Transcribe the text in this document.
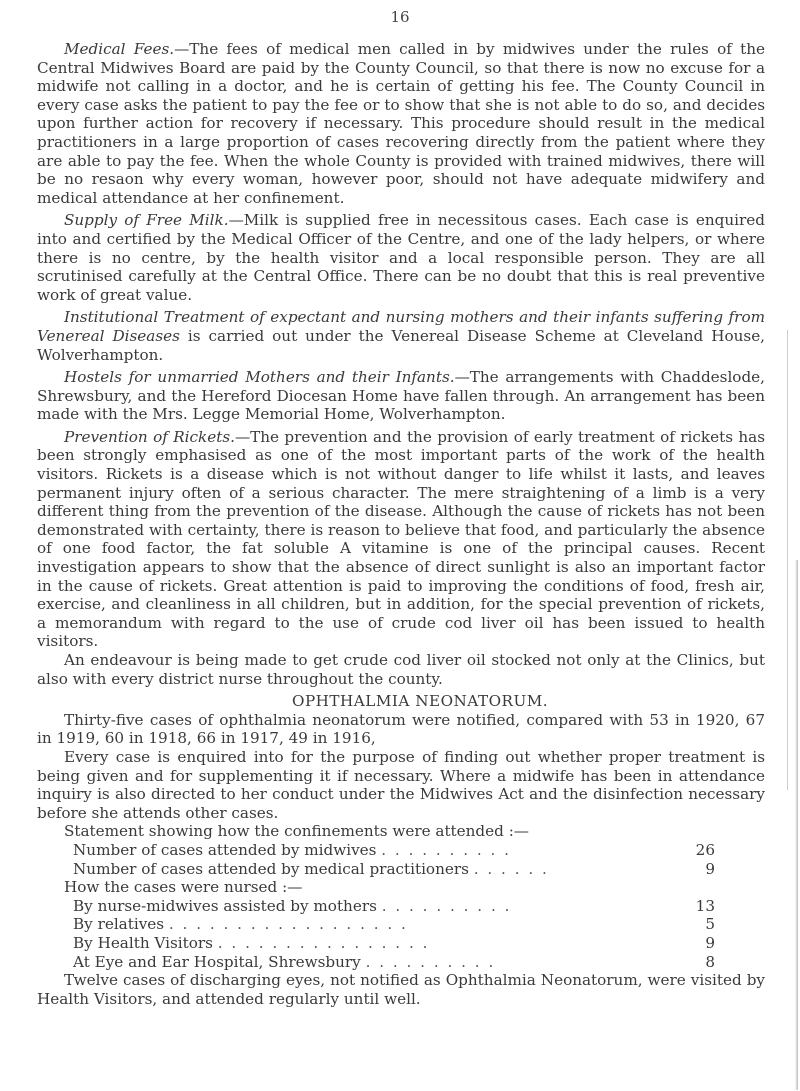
16

Medical Fees.—The fees of medical men called in by midwives under the rules of the Central Midwives Board are paid by the County Council, so that there is now no excuse for a midwife not calling in a doctor, and he is certain of getting his fee. The County Council in every case asks the patient to pay the fee or to show that she is not able to do so, and decides upon further action for recovery if necessary. This procedure should result in the medical practitioners in a large proportion of cases recovering directly from the patient where they are able to pay the fee. When the whole County is provided with trained midwives, there will be no resaon why every woman, however poor, should not have adequate midwifery and medical attendance at her confinement.

Supply of Free Milk.—Milk is supplied free in necessitous cases. Each case is enquired into and certified by the Medical Officer of the Centre, and one of the lady helpers, or where there is no centre, by the health visitor and a local responsible person. They are all scrutinised carefully at the Central Office. There can be no doubt that this is real preventive work of great value.

Institutional Treatment of expectant and nursing mothers and their infants suffering from Venereal Diseases is carried out under the Venereal Disease Scheme at Cleveland House, Wolverhampton.

Hostels for unmarried Mothers and their Infants.—The arrangements with Chaddeslode, Shrewsbury, and the Hereford Diocesan Home have fallen through. An arrangement has been made with the Mrs. Legge Memorial Home, Wolverhampton.

Prevention of Rickets.—The prevention and the provision of early treatment of rickets has been strongly emphasised as one of the most important parts of the work of the health visitors. Rickets is a disease which is not without danger to life whilst it lasts, and leaves permanent injury often of a serious character. The mere straightening of a limb is a very different thing from the prevention of the disease. Although the cause of rickets has not been demonstrated with certainty, there is reason to believe that food, and particularly the absence of one food factor, the fat soluble A vitamine is one of the principal causes. Recent investigation appears to show that the absence of direct sunlight is also an important factor in the cause of rickets. Great attention is paid to improving the conditions of food, fresh air, exercise, and cleanliness in all children, but in addition, for the special prevention of rickets, a memorandum with regard to the use of crude cod liver oil has been issued to health visitors.

An endeavour is being made to get crude cod liver oil stocked not only at the Clinics, but also with every district nurse throughout the county.

OPHTHALMIA NEONATORUM.

Thirty-five cases of ophthalmia neonatorum were notified, compared with 53 in 1920, 67 in 1919, 60 in 1918, 66 in 1917, 49 in 1916,

Every case is enquired into for the purpose of finding out whether proper treatment is being given and for supplementing it if necessary. Where a midwife has been in attendance inquiry is also directed to her conduct under the Midwives Act and the disinfection necessary before she attends other cases.

Statement showing how the confinements were attended :—

Number of cases attended by midwives . . . . . . . . . .	26
Number of cases attended by medical practitioners . . . . . .	9
How the cases were nursed :—	
By nurse-midwives assisted by mothers . . . . . . . . . .	13
By relatives . . . . . . . . . . . . . . . . . .	5
By Health Visitors . . . . . . . . . . . . . . . .	9
At Eye and Ear Hospital, Shrewsbury . . . . . . . . . .	8

Twelve cases of discharging eyes, not notified as Ophthalmia Neonatorum, were visited by Health Visitors, and attended regularly until well.
